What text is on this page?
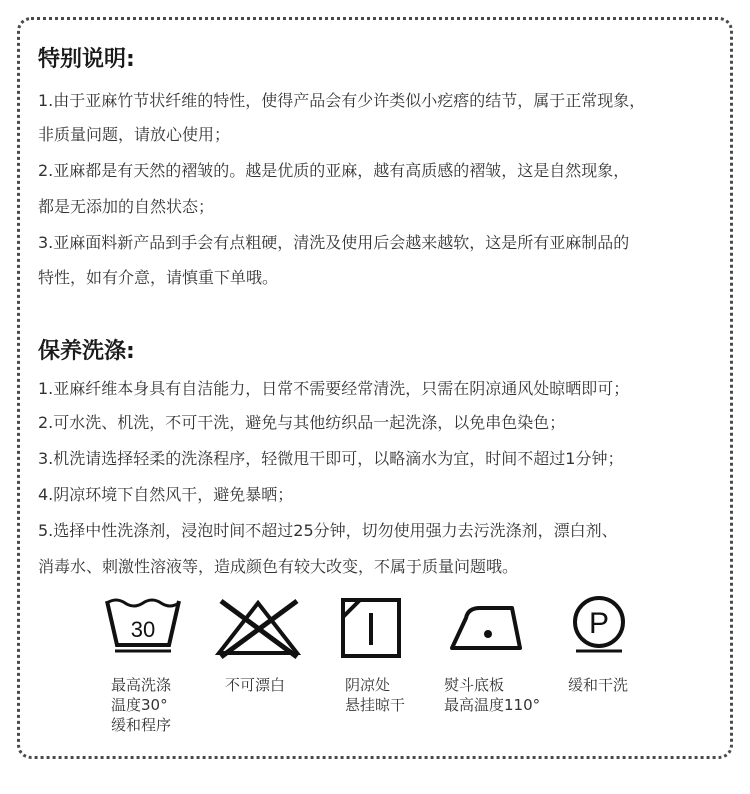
特别说明:
1.由于亚麻竹节状纤维的特性，使得产品会有少许类似小疙瘩的结节，属于正常现象，
非质量问题，请放心使用；
2.亚麻都是有天然的褶皱的。越是优质的亚麻，越有高质感的褶皱，这是自然现象，
都是无添加的自然状态；
3.亚麻面料新产品到手会有点粗硬，清洗及使用后会越来越软，这是所有亚麻制品的
特性，如有介意，请慎重下单哦。
保养洗涤:
1.亚麻纤维本身具有自洁能力，日常不需要经常清洗，只需在阴凉通风处晾晒即可；
2.可水洗、机洗，不可干洗，避免与其他纺织品一起洗涤，以免串色染色；
3.机洗请选择轻柔的洗涤程序，轻微甩干即可，以略滴水为宜，时间不超过1分钟；
4.阴凉环境下自然风干，避免暴晒；
5.选择中性洗涤剂，浸泡时间不超过25分钟，切勿使用强力去污洗涤剂，漂白剂、
消毒水、刺激性溶液等，造成颜色有较大改变，不属于质量问题哦。
30	P
最高洗涤
温度30°
缓和程序
不可漂白	阴凉处
悬挂晾干
熨斗底板
最高温度110°
缓和干洗
